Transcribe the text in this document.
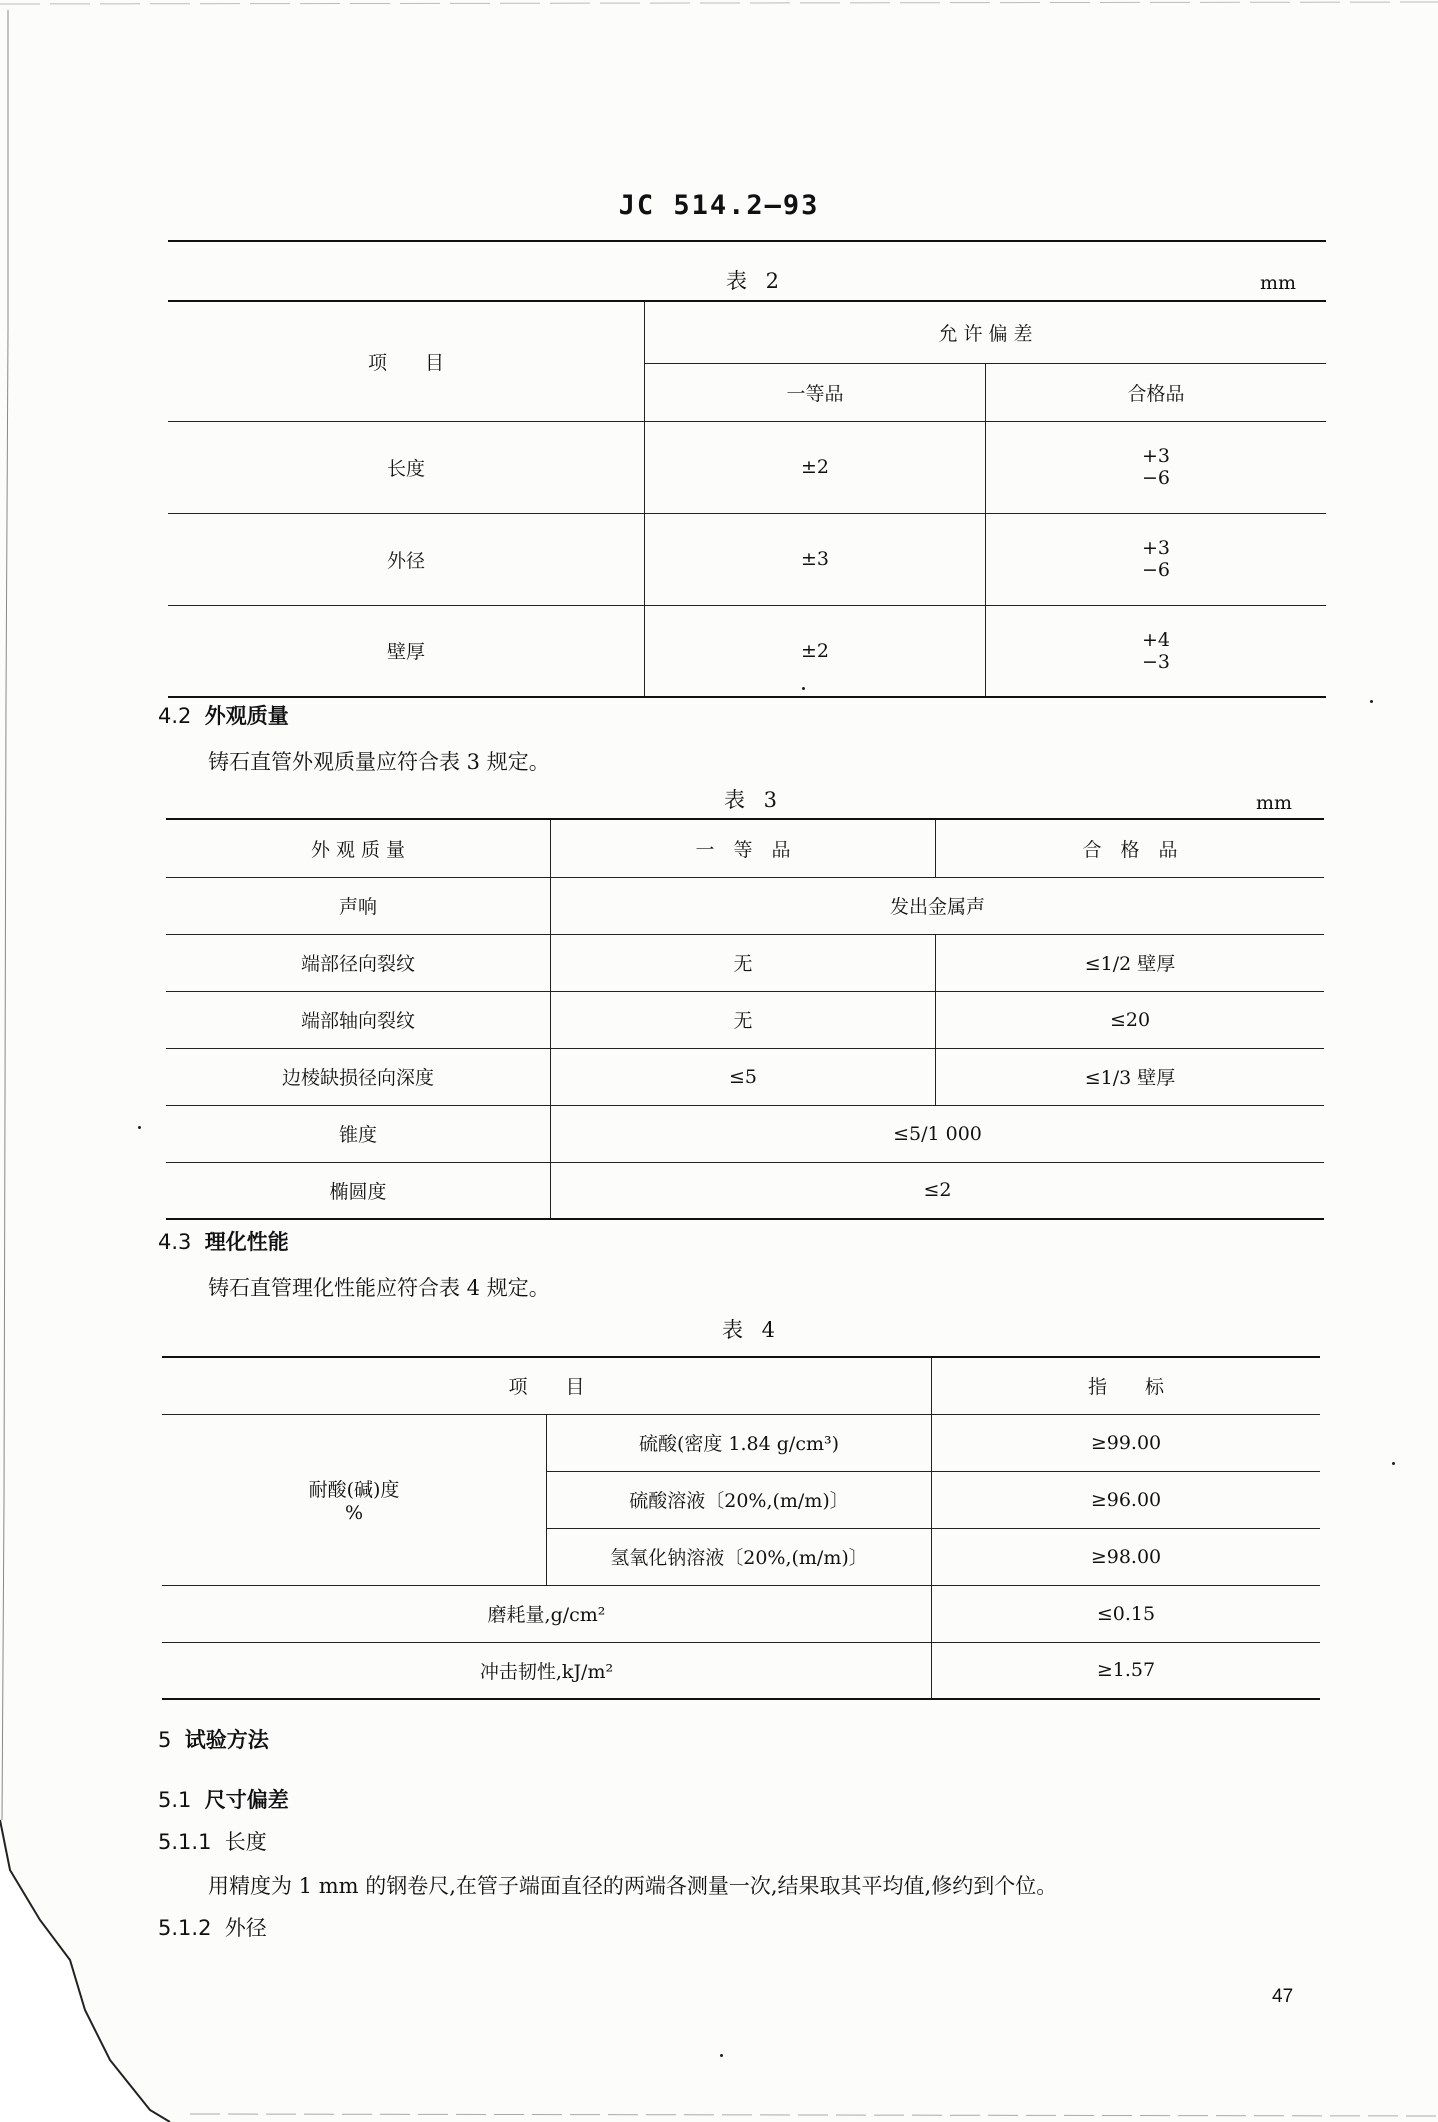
JC 514.2—93
表 2	mm
项　　目	允 许 偏 差	
	一等品	合格品
长度	±2	+3
−6
外径	±3	+3
−6
壁厚	±2	+4
−3
4.2 外观质量
铸石直管外观质量应符合表 3 规定。
表 3	mm
外 观 质 量	一　等　品	合　格　品
声响	发出金属声	
端部径向裂纹	无	≤1/2 壁厚
端部轴向裂纹	无	≤20
边棱缺损径向深度	≤5	≤1/3 壁厚
锥度	≤5/1 000	
椭圆度	≤2	
4.3 理化性能
铸石直管理化性能应符合表 4 规定。
表 4
项　　目		指　　标
耐酸(碱)度
%	硫酸(密度 1.84 g/cm³)	≥99.00
	硫酸溶液〔20%,(m/m)〕	≥96.00
	氢氧化钠溶液〔20%,(m/m)〕	≥98.00
磨耗量,g/cm²		≤0.15
冲击韧性,kJ/m²		≥1.57
5 试验方法
5.1 尺寸偏差
5.1.1 长度
用精度为 1 mm 的钢卷尺,在管子端面直径的两端各测量一次,结果取其平均值,修约到个位。
5.1.2 外径
47
